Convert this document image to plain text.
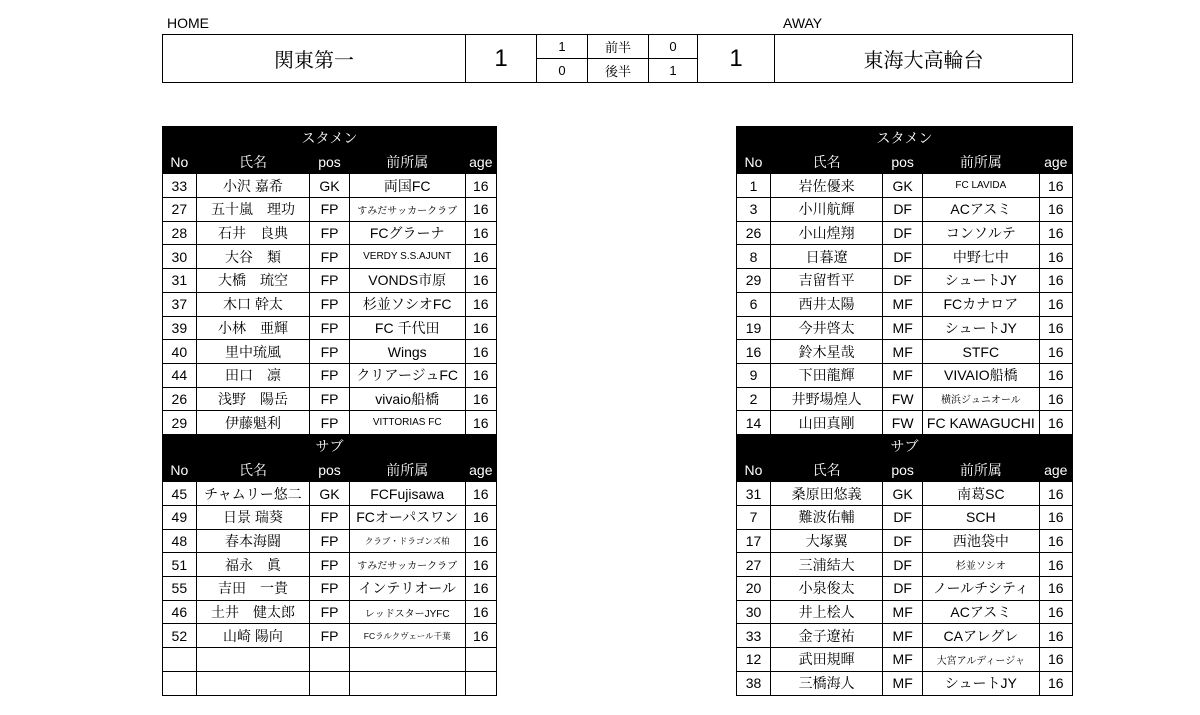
HOME	AWAY
関東第一	1	1	前半	0	1	東海大高輪台
		0	後半	1		
スタメン				
No	氏名	pos	前所属	age
33	小沢 嘉希	GK	両国FC	16
27	五十嵐　理功	FP	すみだサッカークラブ	16
28	石井　良典	FP	FCグラーナ	16
30	大谷　類	FP	VERDY S.S.AJUNT	16
31	大橋　琉空	FP	VONDS市原	16
37	木口 幹太	FP	杉並ソシオFC	16
39	小林　亜輝	FP	FC 千代田	16
40	里中琉風	FP	Wings	16
44	田口　凛	FP	クリアージュFC	16
26	浅野　陽岳	FP	vivaio船橋	16
29	伊藤魁利	FP	VITTORIAS FC	16
サブ				
No	氏名	pos	前所属	age
45	チャムリー悠二	GK	FCFujisawa	16
49	日景 瑞葵	FP	FCオーパスワン	16
48	春本海闘	FP	クラブ・ドラゴンズ柏	16
51	福永　眞	FP	すみだサッカークラブ	16
55	吉田　一貴	FP	インテリオール	16
46	土井　健太郎	FP	レッドスターJYFC	16
52	山崎 陽向	FP	FCラルクヴェール千葉	16

スタメン				
No	氏名	pos	前所属	age
1	岩佐優来	GK	FC LAVIDA	16
3	小川航輝	DF	ACアスミ	16
26	小山煌翔	DF	コンソルテ	16
8	日暮遼	DF	中野七中	16
29	吉留哲平	DF	シュートJY	16
6	西井太陽	MF	FCカナロア	16
19	今井啓太	MF	シュートJY	16
16	鈴木星哉	MF	STFC	16
9	下田龍輝	MF	VIVAIO船橋	16
2	井野場煌人	FW	横浜ジュニオール	16
14	山田真剛	FW	FC KAWAGUCHI	16
サブ				
No	氏名	pos	前所属	age
31	桑原田悠義	GK	南葛SC	16
7	難波佑輔	DF	SCH	16
17	大塚翼	DF	西池袋中	16
27	三浦結大	DF	杉並ソシオ	16
20	小泉俊太	DF	ノールチシティ	16
30	井上桧人	MF	ACアスミ	16
33	金子遼祐	MF	CAアレグレ	16
12	武田規暉	MF	大宮アルディージャ	16
38	三橋海人	MF	シュートJY	16
